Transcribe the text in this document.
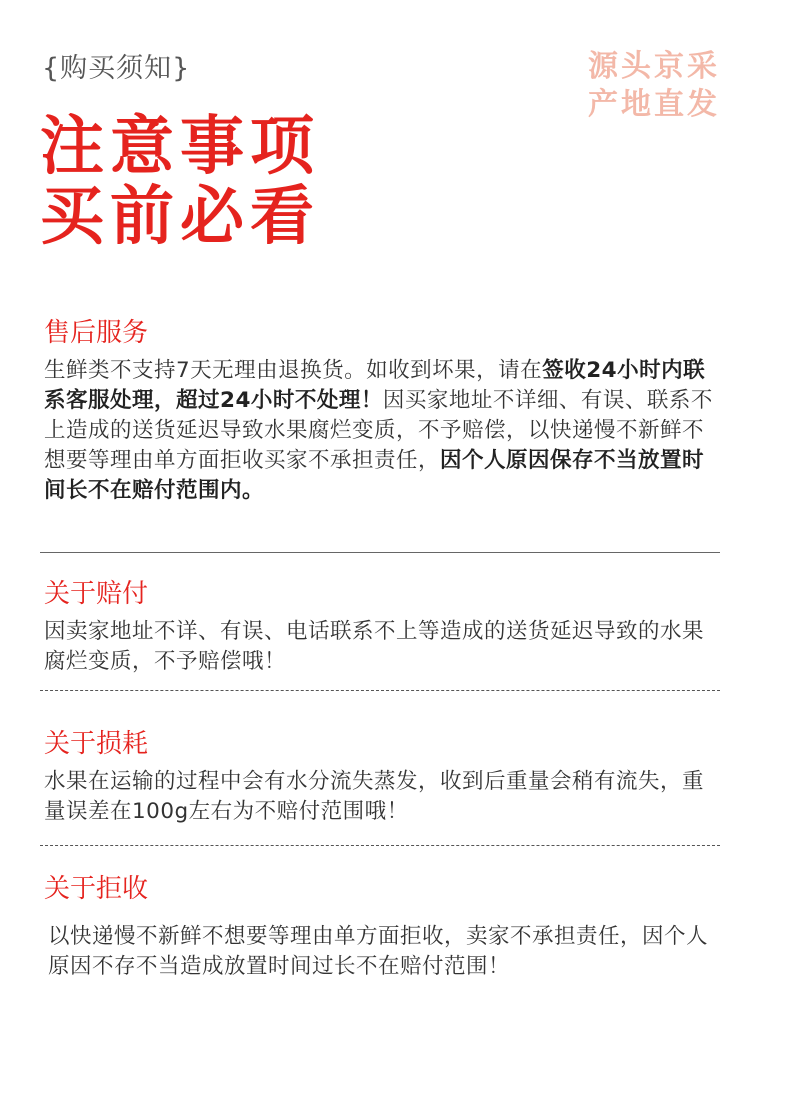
{购买须知}	源头京采
产地直发
注意事项
买前必看
售后服务

生鲜类不支持7天无理由退换货。如收到坏果，请在签收24小时内联系客服处理，超过24小时不处理！因买家地址不详细、有误、联系不上造成的送货延迟导致水果腐烂变质，不予赔偿，以快递慢不新鲜不想要等理由单方面拒收买家不承担责任，因个人原因保存不当放置时间长不在赔付范围内。

关于赔付

因卖家地址不详、有误、电话联系不上等造成的送货延迟导致的水果腐烂变质，不予赔偿哦！

关于损耗

水果在运输的过程中会有水分流失蒸发，收到后重量会稍有流失，重量误差在100g左右为不赔付范围哦！

关于拒收

以快递慢不新鲜不想要等理由单方面拒收，卖家不承担责任，因个人原因不存不当造成放置时间过长不在赔付范围！
